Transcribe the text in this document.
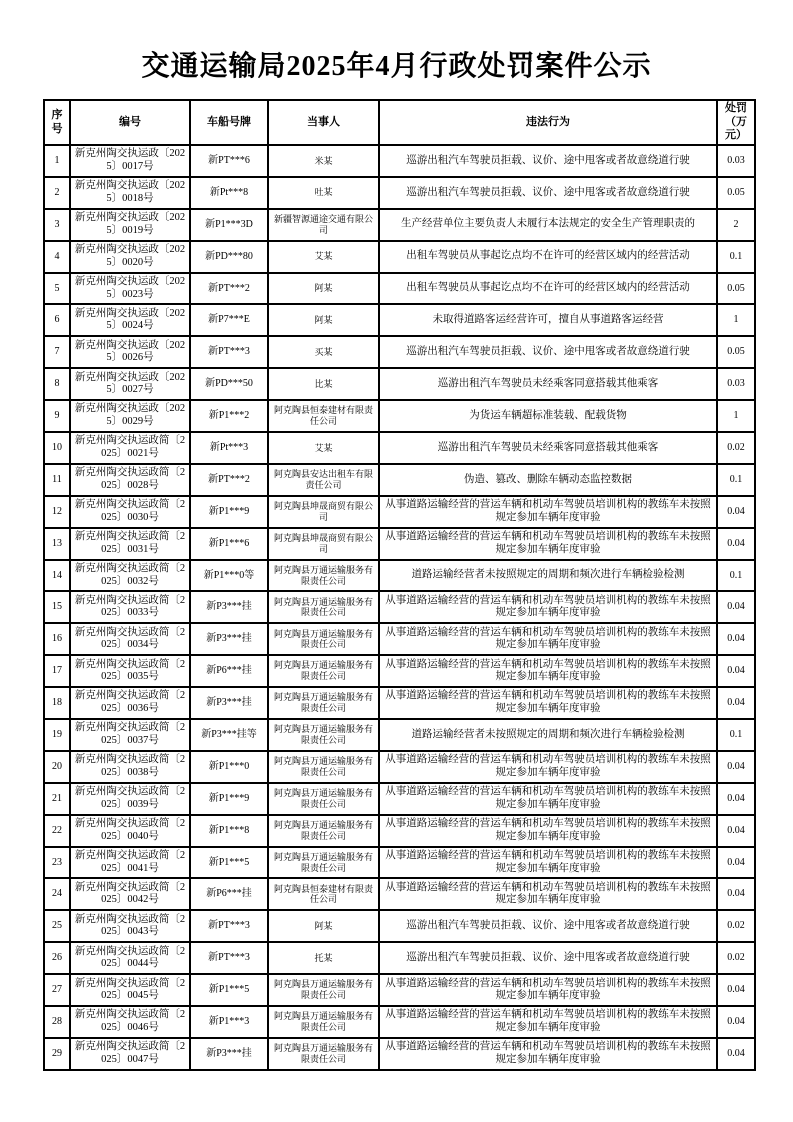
交通运输局2025年4月行政处罚案件公示
序号	编号	车船号牌	当事人	违法行为	处罚（万元）
1	新克州陶交执运政〔2025〕0017号	新PT***6	米某	巡游出租汽车驾驶员拒载、议价、途中甩客或者故意绕道行驶	0.03
2	新克州陶交执运政〔2025〕0018号	新Pt***8	吐某	巡游出租汽车驾驶员拒载、议价、途中甩客或者故意绕道行驶	0.05
3	新克州陶交执运政〔2025〕0019号	新P1***3D	新疆智源通途交通有限公司	生产经营单位主要负责人未履行本法规定的安全生产管理职责的	2
4	新克州陶交执运政〔2025〕0020号	新PD***80	艾某	出租车驾驶员从事起讫点均不在许可的经营区域内的经营活动	0.1
5	新克州陶交执运政〔2025〕0023号	新PT***2	阿某	出租车驾驶员从事起讫点均不在许可的经营区域内的经营活动	0.05
6	新克州陶交执运政〔2025〕0024号	新P7***E	阿某	未取得道路客运经营许可，擅自从事道路客运经营	1
7	新克州陶交执运政〔2025〕0026号	新PT***3	买某	巡游出租汽车驾驶员拒载、议价、途中甩客或者故意绕道行驶	0.05
8	新克州陶交执运政〔2025〕0027号	新PD***50	比某	巡游出租汽车驾驶员未经乘客同意搭载其他乘客	0.03
9	新克州陶交执运政〔2025〕0029号	新P1***2	阿克陶县恒泰建材有限责任公司	为货运车辆超标准装载、配载货物	1
10	新克州陶交执运政简〔2025〕0021号	新Pt***3	艾某	巡游出租汽车驾驶员未经乘客同意搭载其他乘客	0.02
11	新克州陶交执运政简〔2025〕0028号	新PT***2	阿克陶县安达出租车有限责任公司	伪造、篡改、删除车辆动态监控数据	0.1
12	新克州陶交执运政简〔2025〕0030号	新P1***9	阿克陶县坤晟商贸有限公司	从事道路运输经营的营运车辆和机动车驾驶员培训机构的教练车未按照规定参加车辆年度审验	0.04
13	新克州陶交执运政简〔2025〕0031号	新P1***6	阿克陶县坤晟商贸有限公司	从事道路运输经营的营运车辆和机动车驾驶员培训机构的教练车未按照规定参加车辆年度审验	0.04
14	新克州陶交执运政简〔2025〕0032号	新P1***0等	阿克陶县万通运输服务有限责任公司	道路运输经营者未按照规定的周期和频次进行车辆检验检测	0.1
15	新克州陶交执运政简〔2025〕0033号	新P3***挂	阿克陶县万通运输服务有限责任公司	从事道路运输经营的营运车辆和机动车驾驶员培训机构的教练车未按照规定参加车辆年度审验	0.04
16	新克州陶交执运政简〔2025〕0034号	新P3***挂	阿克陶县万通运输服务有限责任公司	从事道路运输经营的营运车辆和机动车驾驶员培训机构的教练车未按照规定参加车辆年度审验	0.04
17	新克州陶交执运政简〔2025〕0035号	新P6***挂	阿克陶县万通运输服务有限责任公司	从事道路运输经营的营运车辆和机动车驾驶员培训机构的教练车未按照规定参加车辆年度审验	0.04
18	新克州陶交执运政简〔2025〕0036号	新P3***挂	阿克陶县万通运输服务有限责任公司	从事道路运输经营的营运车辆和机动车驾驶员培训机构的教练车未按照规定参加车辆年度审验	0.04
19	新克州陶交执运政简〔2025〕0037号	新P3***挂等	阿克陶县万通运输服务有限责任公司	道路运输经营者未按照规定的周期和频次进行车辆检验检测	0.1
20	新克州陶交执运政简〔2025〕0038号	新P1***0	阿克陶县万通运输服务有限责任公司	从事道路运输经营的营运车辆和机动车驾驶员培训机构的教练车未按照规定参加车辆年度审验	0.04
21	新克州陶交执运政简〔2025〕0039号	新P1***9	阿克陶县万通运输服务有限责任公司	从事道路运输经营的营运车辆和机动车驾驶员培训机构的教练车未按照规定参加车辆年度审验	0.04
22	新克州陶交执运政简〔2025〕0040号	新P1***8	阿克陶县万通运输服务有限责任公司	从事道路运输经营的营运车辆和机动车驾驶员培训机构的教练车未按照规定参加车辆年度审验	0.04
23	新克州陶交执运政简〔2025〕0041号	新P1***5	阿克陶县万通运输服务有限责任公司	从事道路运输经营的营运车辆和机动车驾驶员培训机构的教练车未按照规定参加车辆年度审验	0.04
24	新克州陶交执运政简〔2025〕0042号	新P6***挂	阿克陶县恒泰建材有限责任公司	从事道路运输经营的营运车辆和机动车驾驶员培训机构的教练车未按照规定参加车辆年度审验	0.04
25	新克州陶交执运政简〔2025〕0043号	新PT***3	阿某	巡游出租汽车驾驶员拒载、议价、途中甩客或者故意绕道行驶	0.02
26	新克州陶交执运政简〔2025〕0044号	新PT***3	托某	巡游出租汽车驾驶员拒载、议价、途中甩客或者故意绕道行驶	0.02
27	新克州陶交执运政简〔2025〕0045号	新P1***5	阿克陶县万通运输服务有限责任公司	从事道路运输经营的营运车辆和机动车驾驶员培训机构的教练车未按照规定参加车辆年度审验	0.04
28	新克州陶交执运政简〔2025〕0046号	新P1***3	阿克陶县万通运输服务有限责任公司	从事道路运输经营的营运车辆和机动车驾驶员培训机构的教练车未按照规定参加车辆年度审验	0.04
29	新克州陶交执运政简〔2025〕0047号	新P3***挂	阿克陶县万通运输服务有限责任公司	从事道路运输经营的营运车辆和机动车驾驶员培训机构的教练车未按照规定参加车辆年度审验	0.04
